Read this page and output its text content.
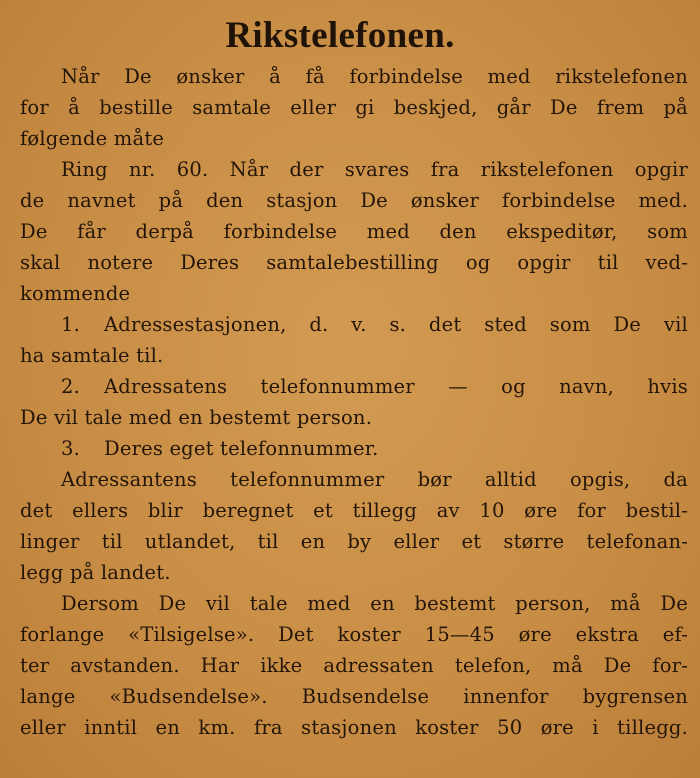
Rikstelefonen.
Når De ønsker å få forbindelse med rikstelefonen
for å bestille samtale eller gi beskjed, går De frem på
følgende måte
Ring nr. 60. Når der svares fra rikstelefonen opgir
de navnet på den stasjon De ønsker forbindelse med.
De får derpå forbindelse med den ekspeditør, som
skal notere Deres samtalebestilling og opgir til ved-
kommende
1. Adressestasjonen, d. v. s. det sted som De vil
ha samtale til.
2. Adressatens telefonnummer — og navn, hvis
De vil tale med en bestemt person.
3. Deres eget telefonnummer.
Adressantens telefonnummer bør alltid opgis, da
det ellers blir beregnet et tillegg av 10 øre for bestil-
linger til utlandet, til en by eller et større telefonan-
legg på landet.
Dersom De vil tale med en bestemt person, må De
forlange «Tilsigelse». Det koster 15—45 øre ekstra ef-
ter avstanden. Har ikke adressaten telefon, må De for-
lange «Budsendelse». Budsendelse innenfor bygrensen
eller inntil en km. fra stasjonen koster 50 øre i tillegg.
